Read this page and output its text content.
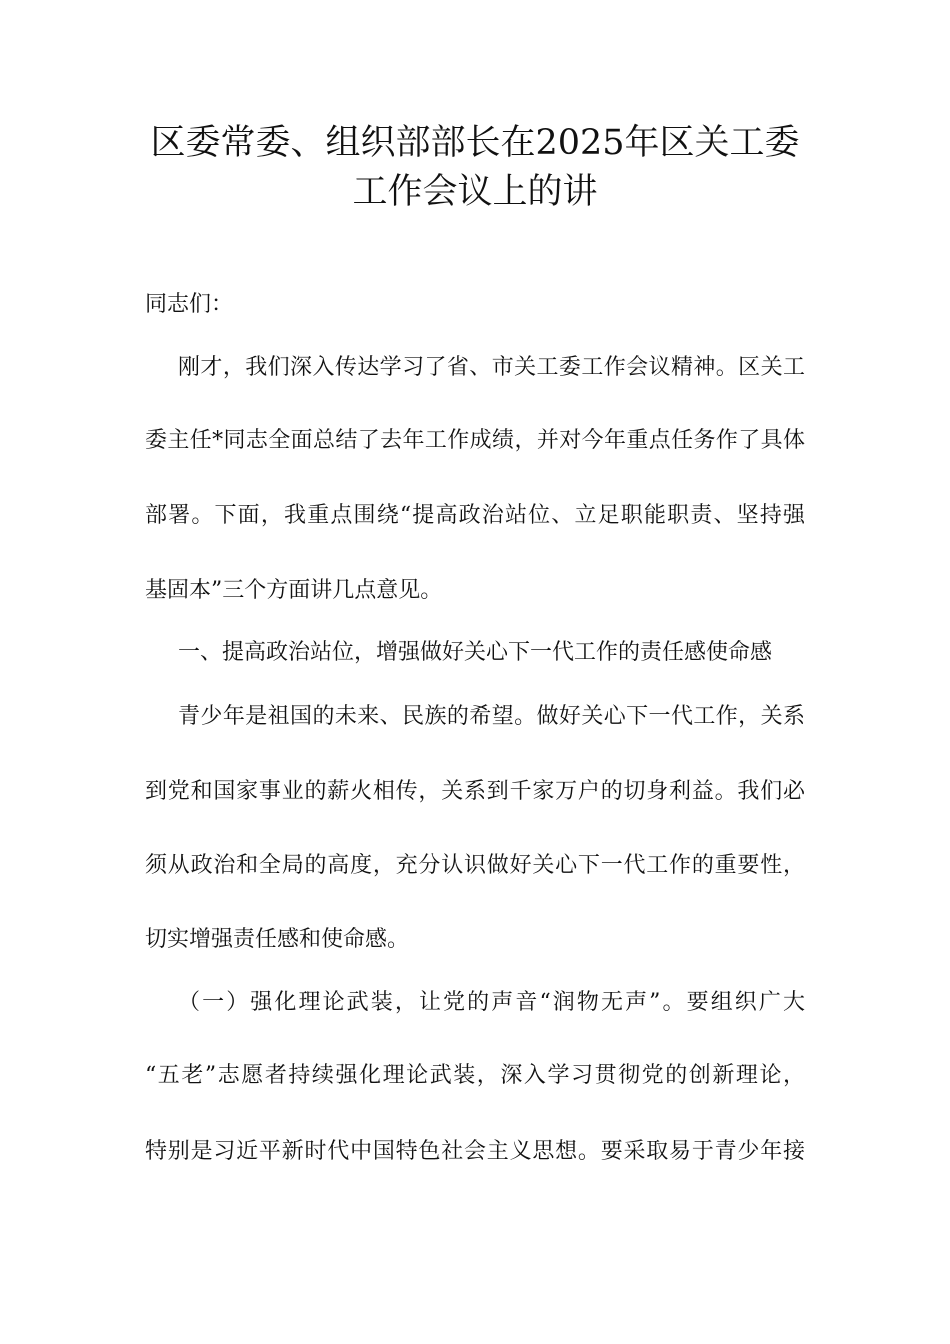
区委常委、组织部部长在2025年区关工委
工作会议上的讲
同志们：
刚才，我们深入传达学习了省、市关工委工作会议精神。区关工
委主任*同志全面总结了去年工作成绩，并对今年重点任务作了具体
部署。下面，我重点围绕“提高政治站位、立足职能职责、坚持强
基固本”三个方面讲几点意见。
一、提高政治站位，增强做好关心下一代工作的责任感使命感
青少年是祖国的未来、民族的希望。做好关心下一代工作，关系
到党和国家事业的薪火相传，关系到千家万户的切身利益。我们必
须从政治和全局的高度，充分认识做好关心下一代工作的重要性，
切实增强责任感和使命感。
（一）强化理论武装，让党的声音“润物无声”。要组织广大
“五老”志愿者持续强化理论武装，深入学习贯彻党的创新理论，
特别是习近平新时代中国特色社会主义思想。要采取易于青少年接
